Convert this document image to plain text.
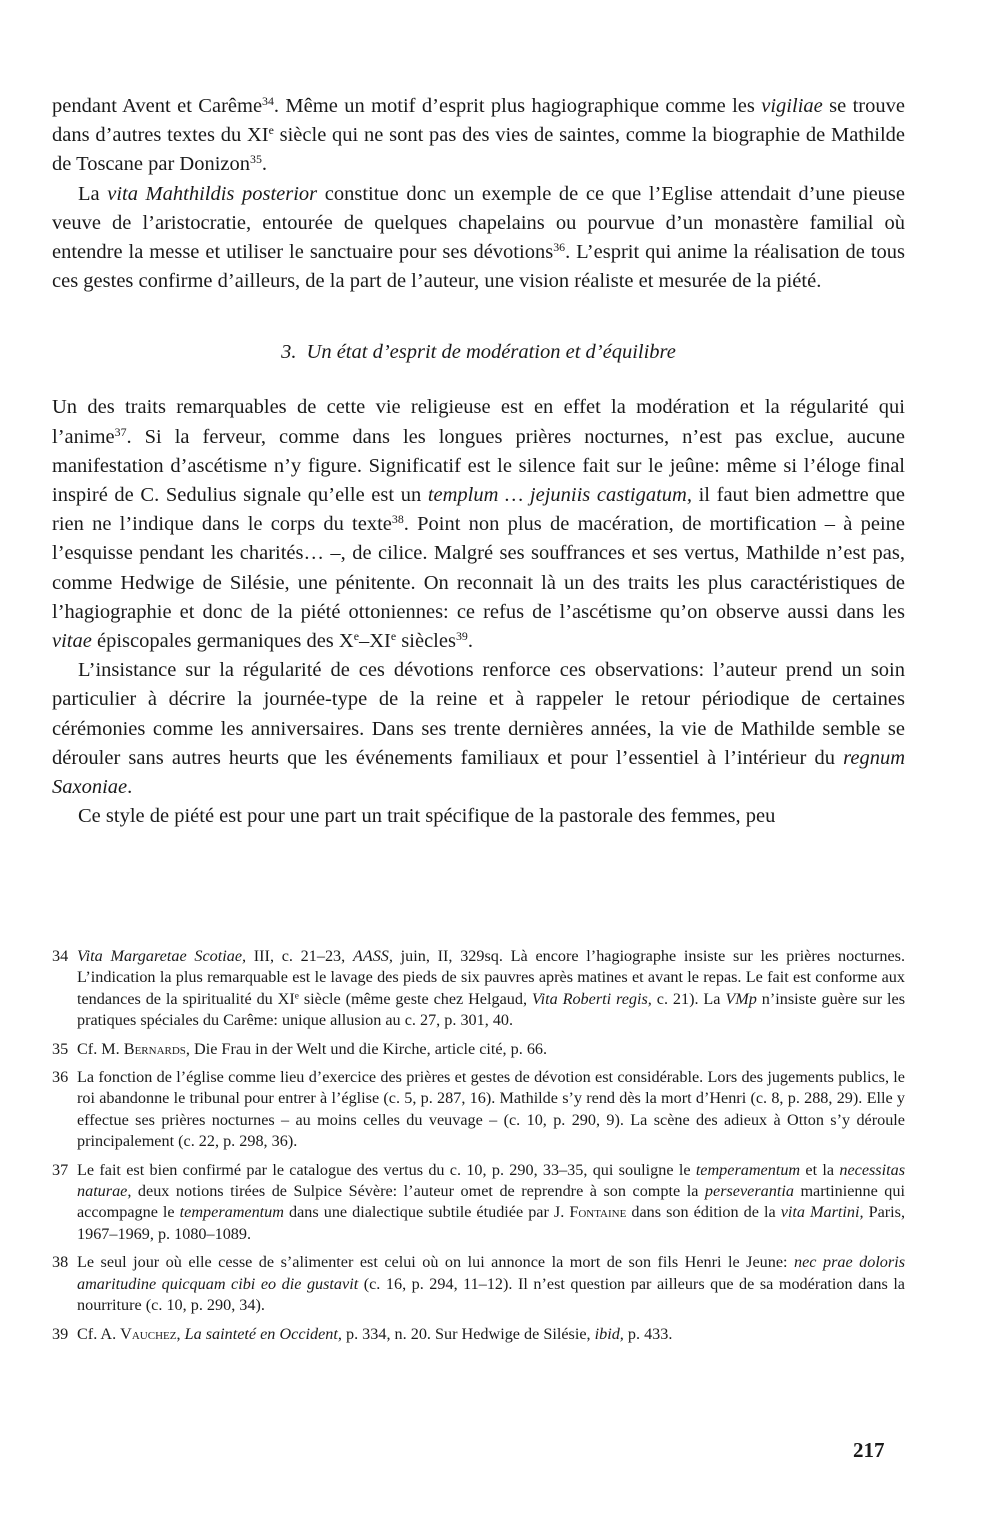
pendant Avent et Carême$^{34}$. Même un motif d’esprit plus hagiographique comme les vigiliae se trouve dans d’autres textes du XIe siècle qui ne sont pas des vies de saintes, comme la biographie de Mathilde de Toscane par Donizon$^{35}$.

La vita Mahthildis posterior constitue donc un exemple de ce que l’Eglise attendait d’une pieuse veuve de l’aristocratie, entourée de quelques chapelains ou pourvue d’un monastère familial où entendre la messe et utiliser le sanctuaire pour ses dévotions$^{36}$. L’esprit qui anime la réalisation de tous ces gestes confirme d’ailleurs, de la part de l’auteur, une vision réaliste et mesurée de la piété.

3. Un état d’esprit de modération et d’équilibre

Un des traits remarquables de cette vie religieuse est en effet la modération et la régularité qui l’anime$^{37}$. Si la ferveur, comme dans les longues prières nocturnes, n’est pas exclue, aucune manifestation d’ascétisme n’y figure. Significatif est le silence fait sur le jeûne: même si l’éloge final inspiré de C. Sedulius signale qu’elle est un templum … jejuniis castigatum, il faut bien admettre que rien ne l’indique dans le corps du texte$^{38}$. Point non plus de macération, de mortification – à peine l’esquisse pendant les charités… –, de cilice. Malgré ses souffrances et ses vertus, Mathilde n’est pas, comme Hedwige de Silésie, une pénitente. On reconnait là un des traits les plus caractéristiques de l’hagiographie et donc de la piété ottoniennes: ce refus de l’ascétisme qu’on observe aussi dans les vitae épiscopales germaniques des Xe–XIe siècles$^{39}$.

L’insistance sur la régularité de ces dévotions renforce ces observations: l’auteur prend un soin particulier à décrire la journée-type de la reine et à rappeler le retour périodique de certaines cérémonies comme les anniversaires. Dans ses trente dernières années, la vie de Mathilde semble se dérouler sans autres heurts que les événements familiaux et pour l’essentiel à l’intérieur du regnum Saxoniae.

Ce style de piété est pour une part un trait spécifique de la pastorale des femmes, peu

34 Vita Margaretae Scotiae, III, c. 21–23, AASS, juin, II, 329sq. Là encore l’hagiographe insiste sur les prières nocturnes. L’indication la plus remarquable est le lavage des pieds de six pauvres après matines et avant le repas. Le fait est conforme aux tendances de la spiritualité du XIe siècle (même geste chez Helgaud, Vita Roberti regis, c. 21). La VMp n’insiste guère sur les pratiques spéciales du Carême: unique allusion au c. 27, p. 301, 40.
35 Cf. M. Bernards, Die Frau in der Welt und die Kirche, article cité, p. 66.
36 La fonction de l’église comme lieu d’exercice des prières et gestes de dévotion est considérable. Lors des jugements publics, le roi abandonne le tribunal pour entrer à l’église (c. 5, p. 287, 16). Mathilde s’y rend dès la mort d’Henri (c. 8, p. 288, 29). Elle y effectue ses prières nocturnes – au moins celles du veuvage – (c. 10, p. 290, 9). La scène des adieux à Otton s’y déroule principalement (c. 22, p. 298, 36).
37 Le fait est bien confirmé par le catalogue des vertus du c. 10, p. 290, 33–35, qui souligne le temperamentum et la necessitas naturae, deux notions tirées de Sulpice Sévère: l’auteur omet de reprendre à son compte la perseverantia martinienne qui accompagne le temperamentum dans une dialectique subtile étudiée par J. Fontaine dans son édition de la vita Martini, Paris, 1967–1969, p. 1080–1089.
38 Le seul jour où elle cesse de s’alimenter est celui où on lui annonce la mort de son fils Henri le Jeune: nec prae doloris amaritudine quicquam cibi eo die gustavit (c. 16, p. 294, 11–12). Il n’est question par ailleurs que de sa modération dans la nourriture (c. 10, p. 290, 34).
39 Cf. A. Vauchez, La sainteté en Occident, p. 334, n. 20. Sur Hedwige de Silésie, ibid, p. 433.
217
